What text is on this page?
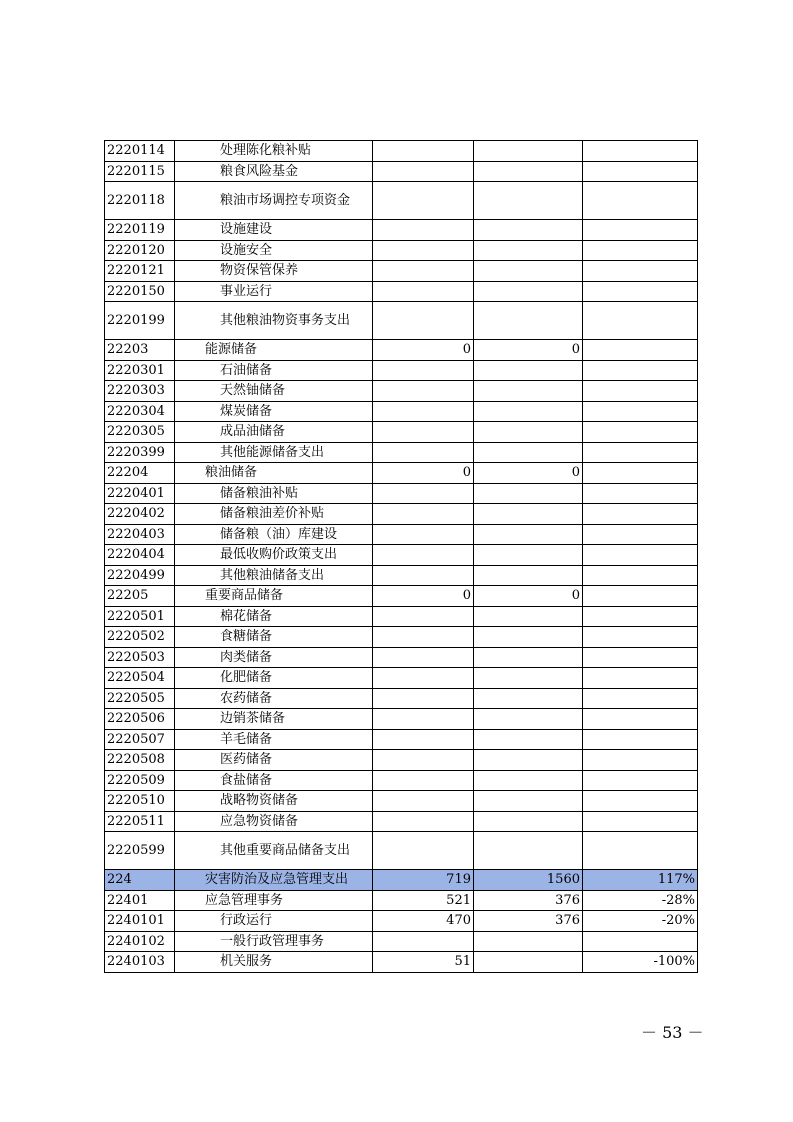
2220114	处理陈化粮补贴			
2220115	粮食风险基金			
2220118	粮油市场调控专项资金			
2220119	设施建设			
2220120	设施安全			
2220121	物资保管保养			
2220150	事业运行			
2220199	其他粮油物资事务支出			
22203	能源储备	0	0	
2220301	石油储备			
2220303	天然铀储备			
2220304	煤炭储备			
2220305	成品油储备			
2220399	其他能源储备支出			
22204	粮油储备	0	0	
2220401	储备粮油补贴			
2220402	储备粮油差价补贴			
2220403	储备粮（油）库建设			
2220404	最低收购价政策支出			
2220499	其他粮油储备支出			
22205	重要商品储备	0	0	
2220501	棉花储备			
2220502	食糖储备			
2220503	肉类储备			
2220504	化肥储备			
2220505	农药储备			
2220506	边销茶储备			
2220507	羊毛储备			
2220508	医药储备			
2220509	食盐储备			
2220510	战略物资储备			
2220511	应急物资储备			
2220599	其他重要商品储备支出			
224	灾害防治及应急管理支出	719	1560	117%
22401	应急管理事务	521	376	-28%
2240101	行政运行	470	376	-20%
2240102	一般行政管理事务			
2240103	机关服务	51		-100%
－ 53 －
